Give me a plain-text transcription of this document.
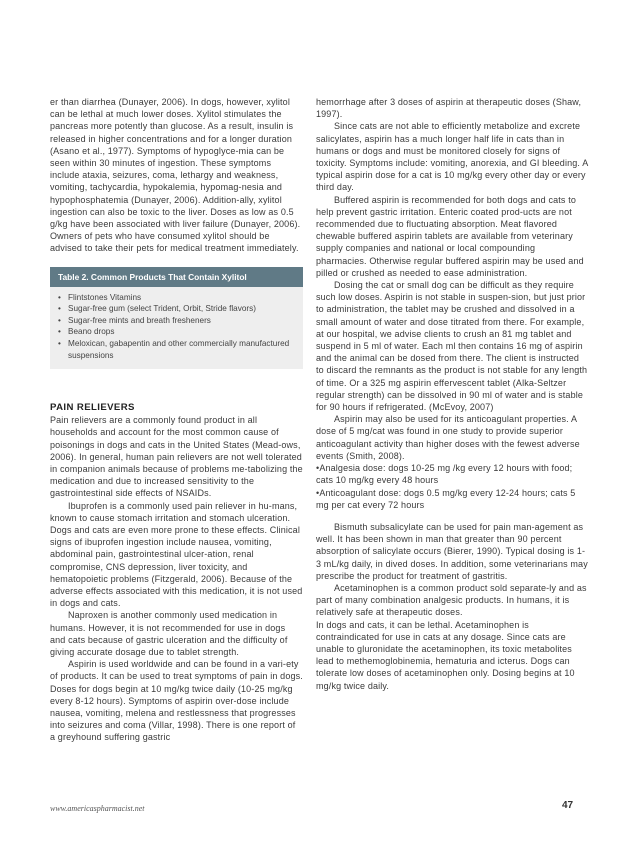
er than diarrhea (Dunayer, 2006). In dogs, however, xylitol can be lethal at much lower doses. Xylitol stimulates the pancreas more potently than glucose. As a result, insulin is released in higher concentrations and for a longer duration (Asano et al., 1977). Symptoms of hypoglyce-mia can be seen within 30 minutes of ingestion. These symptoms include ataxia, seizures, coma, lethargy and weakness, vomiting, tachycardia, hypokalemia, hypomag-nesia and hypophosphatemia (Dunayer, 2006). Addition-ally, xylitol ingestion can also be toxic to the liver. Doses as low as 0.5 g/kg have been associated with liver failure (Dunayer, 2006). Owners of pets who have consumed xylitol should be advised to take their pets for medical treatment immediately.

Table 2. Common Products That Contain Xylitol
• Flintstones Vitamins
• Sugar-free gum (select Trident, Orbit, Stride flavors)
• Sugar-free mints and breath fresheners
• Beano drops
• Meloxican, gabapentin and other commercially manufactured suspensions
PAIN RELIEVERS

Pain relievers are a commonly found product in all households and account for the most common cause of poisonings in dogs and cats in the United States (Mead-ows, 2006). In general, human pain relievers are not well tolerated in companion animals because of problems me-tabolizing the medication and due to increased sensitivity to the gastrointestinal side effects of NSAIDs.

Ibuprofen is a commonly used pain reliever in hu-mans, known to cause stomach irritation and stomach ulceration. Dogs and cats are even more prone to these effects. Clinical signs of ibuprofen ingestion include nausea, vomiting, abdominal pain, gastrointestinal ulcer-ation, renal compromise, CNS depression, liver toxicity, and hematopoietic problems (Fitzgerald, 2006). Because of the adverse effects associated with this medication, it is not used in dogs and cats.

Naproxen is another commonly used medication in humans. However, it is not recommended for use in dogs and cats because of gastric ulceration and the difficulty of giving accurate dosage due to tablet strength.

Aspirin is used worldwide and can be found in a vari-ety of products. It can be used to treat symptoms of pain in dogs. Doses for dogs begin at 10 mg/kg twice daily (10-25 mg/kg every 8-12 hours). Symptoms of aspirin over-dose include nausea, vomiting, melena and restlessness that progresses into seizures and coma (Villar, 1998). There is one report of a greyhound suffering gastric

hemorrhage after 3 doses of aspirin at therapeutic doses (Shaw, 1997).

Since cats are not able to efficiently metabolize and excrete salicylates, aspirin has a much longer half life in cats than in humans or dogs and must be monitored closely for signs of toxicity. Symptoms include: vomiting, anorexia, and GI bleeding. A typical aspirin dose for a cat is 10 mg/kg every other day or every third day.

Buffered aspirin is recommended for both dogs and cats to help prevent gastric irritation. Enteric coated prod-ucts are not recommended due to fluctuating absorption. Meat flavored chewable buffered aspirin tablets are available from veterinary supply companies and national or local compounding pharmacies. Otherwise regular buffered aspirin may be used and pilled or crushed as needed to ease administration.

Dosing the cat or small dog can be difficult as they require such low doses. Aspirin is not stable in suspen-sion, but just prior to administration, the tablet may be crushed and dissolved in a small amount of water and dose titrated from there. For example, at our hospital, we advise clients to crush an 81 mg tablet and suspend in 5 ml of water. Each ml then contains 16 mg of aspirin and the animal can be dosed from there. The client is instructed to discard the remnants as the product is not stable for any length of time. Or a 325 mg aspirin effervescent tablet (Alka-Seltzer regular strength) can be dissolved in 90 ml of water and is stable for 90 hours if refrigerated. (McEvoy, 2007)

Aspirin may also be used for its anticoagulant properties. A dose of 5 mg/cat was found in one study to provide superior anticoagulant activity than higher doses with the fewest adverse events (Smith, 2008).

•Analgesia dose: dogs 10-25 mg /kg every 12 hours with food; cats 10 mg/kg every 48 hours

•Anticoagulant dose: dogs 0.5 mg/kg every 12-24 hours; cats 5 mg per cat every 72 hours

Bismuth subsalicylate can be used for pain man-agement as well. It has been shown in man that greater than 90 percent absorption of salicylate occurs (Bierer, 1990). Typical dosing is 1-3 mL/kg daily, in dived doses. In addition, some veterinarians may prescribe the product for treatment of gastritis.

Acetaminophen is a common product sold separate-ly and as part of many combination analgesic products. In humans, it is relatively safe at therapeutic doses.

In dogs and cats, it can be lethal. Acetaminophen is contraindicated for use in cats at any dosage. Since cats are unable to gluronidate the acetaminophen, its toxic metabolites lead to methemoglobinemia, hematuria and icterus. Dogs can tolerate low doses of acetaminophen only. Dosing begins at 10 mg/kg twice daily.

www.americaspharmacist.net	47
